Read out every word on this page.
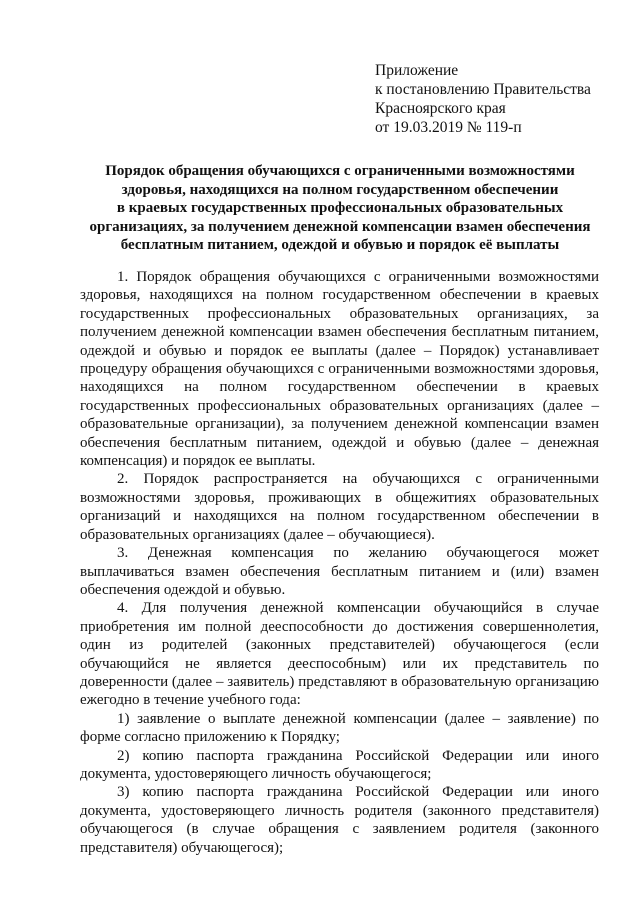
Приложение
к постановлению Правительства
Красноярского края
от 19.03.2019 № 119-п
Порядок обращения обучающихся с ограниченными возможностями
здоровья, находящихся на полном государственном обеспечении
в краевых государственных профессиональных образовательных
организациях, за получением денежной компенсации взамен обеспечения
бесплатным питанием, одеждой и обувью и порядок её выплаты

1. Порядок обращения обучающихся с ограниченными возможностями здоровья, находящихся на полном государственном обеспечении в краевых государственных профессиональных образовательных организациях, за получением денежной компенсации взамен обеспечения бесплатным питанием, одеждой и обувью и порядок ее выплаты (далее – Порядок) устанавливает процедуру обращения обучающихся с ограниченными возможностями здоровья, находящихся на полном государственном обеспечении в краевых государственных профессиональных образовательных организациях (далее – образовательные организации), за получением денежной компенсации взамен обеспечения бесплатным питанием, одеждой и обувью (далее – денежная компенсация) и порядок ее выплаты.

2. Порядок распространяется на обучающихся с ограниченными возможностями здоровья, проживающих в общежитиях образовательных организаций и находящихся на полном государственном обеспечении в образовательных организациях (далее – обучающиеся).

3. Денежная компенсация по желанию обучающегося может выплачиваться взамен обеспечения бесплатным питанием и (или) взамен обеспечения одеждой и обувью.

4. Для получения денежной компенсации обучающийся в случае приобретения им полной дееспособности до достижения совершеннолетия, один из родителей (законных представителей) обучающегося (если обучающийся не является дееспособным) или их представитель по доверенности (далее – заявитель) представляют в образовательную организацию ежегодно в течение учебного года:

1) заявление о выплате денежной компенсации (далее – заявление) по форме согласно приложению к Порядку;

2) копию паспорта гражданина Российской Федерации или иного документа, удостоверяющего личность обучающегося;

3) копию паспорта гражданина Российской Федерации или иного документа, удостоверяющего личность родителя (законного представителя) обучающегося (в случае обращения с заявлением родителя (законного представителя) обучающегося);
